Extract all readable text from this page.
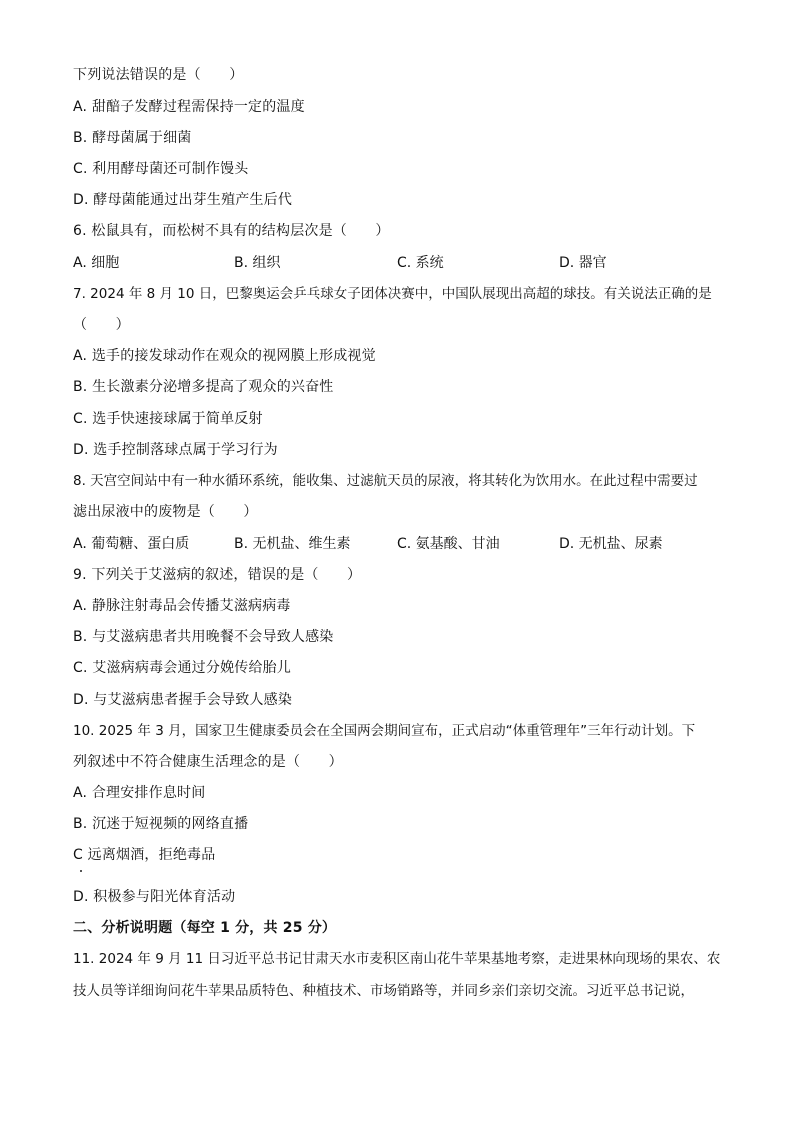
下列说法错误的是（　　）
A. 甜醅子发酵过程需保持一定的温度
B. 酵母菌属于细菌
C. 利用酵母菌还可制作馒头
D. 酵母菌能通过出芽生殖产生后代
6. 松鼠具有，而松树不具有的结构层次是（　　）
A. 细胞	B. 组织	C. 系统	D. 器官
7. 2024 年 8 月 10 日，巴黎奥运会乒乓球女子团体决赛中，中国队展现出高超的球技。有关说法正确的是
（　　）
A. 选手的接发球动作在观众的视网膜上形成视觉
B. 生长激素分泌增多提高了观众的兴奋性
C. 选手快速接球属于简单反射
D. 选手控制落球点属于学习行为
8. 天宫空间站中有一种水循环系统，能收集、过滤航天员的尿液，将其转化为饮用水。在此过程中需要过
滤出尿液中的废物是（　　）
A. 葡萄糖、蛋白质	B. 无机盐、维生素	C. 氨基酸、甘油	D. 无机盐、尿素
9. 下列关于艾滋病的叙述，错误的是（　　）
A. 静脉注射毒品会传播艾滋病病毒
B. 与艾滋病患者共用晚餐不会导致人感染
C. 艾滋病病毒会通过分娩传给胎儿
D. 与艾滋病患者握手会导致人感染
10. 2025 年 3 月，国家卫生健康委员会在全国两会期间宣布，正式启动“体重管理年”三年行动计划。下
列叙述中不符合健康生活理念的是（　　）
A. 合理安排作息时间
B. 沉迷于短视频的网络直播
C 远离烟酒，拒绝毒品
D. 积极参与阳光体育活动
二、分析说明题（每空 1 分，共 25 分）
11. 2024 年 9 月 11 日习近平总书记甘肃天水市麦积区南山花牛苹果基地考察，走进果林向现场的果农、农
技人员等详细询问花牛苹果品质特色、种植技术、市场销路等，并同乡亲们亲切交流。习近平总书记说，
